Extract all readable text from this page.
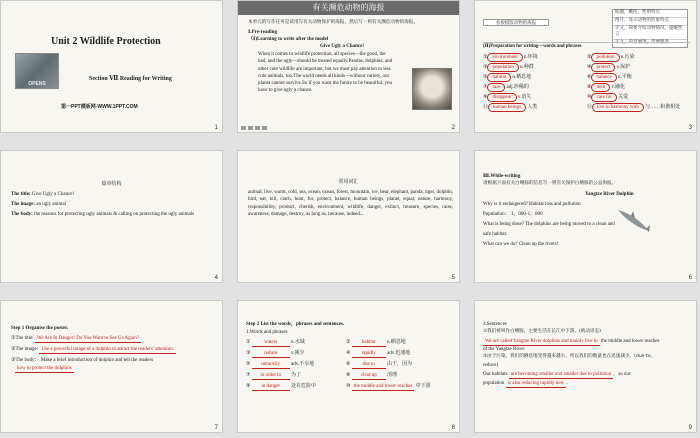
Unit 2 Wildlife Protection
OPENS
Section Ⅶ Reading for Writing
第一PPT模板网-WWW.1PPT.COM
1
有关濒危动物的海报
本单元的写作任务是读用写有关动物保护的海报，然后写一则有关濒危动物的海报。
Ⅰ.Pre-reading
（Ⅰ)Learning to write after the model
Give Ugly a Chance!
When it comes to wildlife protection, all species—the good, the
bad, and the ugly—should be treated equally.Pandas, dolphins, and
other cute wildlife are important, but we must pay attention to less
cute animals, too.The world needs all kinds—without variety, our
planet cannot survive.So if you want the future to be beautiful, you
have to give ugly a chance.
2
看板模版动物的海报
标题，概括，性别特点
图片，显示动物的形象特点
正文，简要介绍动物情况，提醒性言
正文，内容展现，需要服务
(Ⅱ)Preparation for writing—words and phrases
① environment n.环境	② pollution n.污染
③ population n.种群	④ protect v.保护
⑤ habitat n.栖息地	⑥ balance n.平衡
⑦ rare adj.珍稀的	⑧ melt v.融化
⑨ disappear v.消失	⑩ care for 关爱
⑪ human beings 人类	⑫ live in harmony with 与……和谐相处
3
篇章结构
The title: Give Ugly a Chance!
The image: an ugly animal
The body: the reasons for protecting ugly animals & calling on protecting the ugly animals
4
常用词汇
animal, live, warm, cold, sea, ocean, ocean, forest, mountain, ice, bear, elephant, panda, tiger, dolphin, bird, eat, kill, catch, hunt, fur, protect, balance, human beings, planet, equal, nature, harmony, responsibility, product, cherish, environment, wildlife, danger, extinct, treasure, species, raise, awareness, damage, destroy, as long as, because, indeed...
5
Ⅲ.While-writing
请根据下面有关白鳍豚的信息写一则有关保护白鳍豚的公益海报。
Yangtze River Dolphin
Why is it endangered? Habitat loss and pollution
Population： 1，000-1，800
What is being done? The dolphins are being moved to a clean and
safe habitat.
What can we do? Clean up the rivers!
6
Step 1 Organise the poster.
①The title: We Are In Danger! Do You Want to See Us Again?
②The image: Use a powerful image of a dolphin to attract the readers’ attention.
③The body： Make a brief introduction of dolphin and tell the readers
how to protect the dolphins
7
Step 2 List the words，phrases and sentences.
1.Words and phrases
①	waters	n.水域	② habitat n.栖息地
③	reduce	v.减少	④ rapidly adv.迅速地
⑤ unluckily adv.不幸地	⑥ due to 由于，因为
⑦ in order to 为了	⑧ clear up 清理
⑨ in danger 处在危险中	⑩ the middle and lower reaches 中下游
8
2.Sentences
①我们被叫作白鳍豚，主要生活在长江中下游。(被动语态)
We are called Yangtze River dolphins and mainly live in the middle and lower reaches
of the Yangtze River.
②由于污染，我们的栖息地变得越来越小，所以我们的数量也在迅速减少。(due to，
reduce)
Our habitats are becoming smaller and smaller due to pollution ，so our
population is also reducing rapidly now .
9
